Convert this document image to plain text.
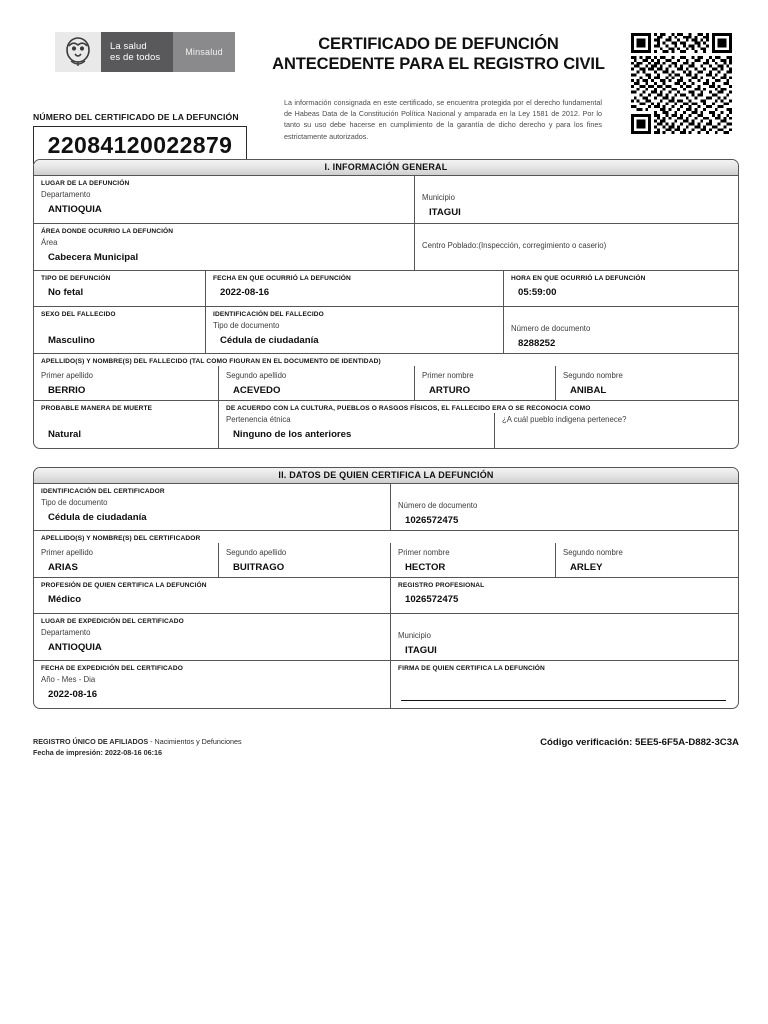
La salud
es de todos	Minsalud
NÚMERO DEL CERTIFICADO DE LA DEFUNCIÓN
22084120022879
CERTIFICADO DE DEFUNCIÓN
ANTECEDENTE PARA EL REGISTRO CIVIL
La información consignada en este certificado, se encuentra protegida por el derecho fundamental de Habeas Data de la Constitución Política Nacional y amparada en la Ley 1581 de 2012. Por lo tanto su uso debe hacerse en cumplimiento de la garantía de dicho derecho y para los fines estrictamente autorizados.
I. INFORMACIÓN GENERAL
LUGAR DE LA DEFUNCIÓN
Departamento
ANTIOQUIA
Municipio
ITAGUI
ÁREA DONDE OCURRIO LA DEFUNCIÓN
Área
Cabecera Municipal
Centro Poblado:(Inspección, corregimiento o caserio)
TIPO DE DEFUNCIÓN
No fetal
FECHA EN QUE OCURRIÓ LA DEFUNCIÓN
2022-08-16
HORA EN QUE OCURRIÓ LA DEFUNCIÓN
05:59:00
SEXO DEL FALLECIDO
Masculino
IDENTIFICACIÓN DEL FALLECIDO
Tipo de documento
Cédula de ciudadanía
Número de documento
8288252
APELLIDO(S) Y NOMBRE(S) DEL FALLECIDO (TAL COMO FIGURAN EN EL DOCUMENTO DE IDENTIDAD)
Primer apellido
BERRIO
Segundo apellido
ACEVEDO
Primer nombre
ARTURO
Segundo nombre
ANIBAL
PROBABLE MANERA DE MUERTE
Natural
DE ACUERDO CON LA CULTURA, PUEBLOS O RASGOS FÍSICOS, EL FALLECIDO ERA O SE RECONOCIA COMO
Pertenencia étnica
Ninguno de los anteriores
¿A cuál pueblo indigena pertenece?
II. DATOS DE QUIEN CERTIFICA LA DEFUNCIÓN
IDENTIFICACIÓN DEL CERTIFICADOR
Tipo de documento
Cédula de ciudadanía
Número de documento
1026572475
APELLIDO(S) Y NOMBRE(S) DEL CERTIFICADOR
Primer apellido
ARIAS
Segundo apellido
BUITRAGO
Primer nombre
HECTOR
Segundo nombre
ARLEY
PROFESIÓN DE QUIEN CERTIFICA LA DEFUNCIÓN
Médico
REGISTRO PROFESIONAL
1026572475
LUGAR DE EXPEDICIÓN DEL CERTIFICADO
Departamento
ANTIOQUIA
Municipio
ITAGUI
FECHA DE EXPEDICIÓN DEL CERTIFICADO
Año - Mes - Dia
2022-08-16
FIRMA DE QUIEN CERTIFICA LA DEFUNCIÓN
REGISTRO ÚNICO DE AFILIADOS - Nacimientos y Defunciones
Fecha de impresión: 2022-08-16 06:16
Código verificación: 5EE5-6F5A-D882-3C3A
